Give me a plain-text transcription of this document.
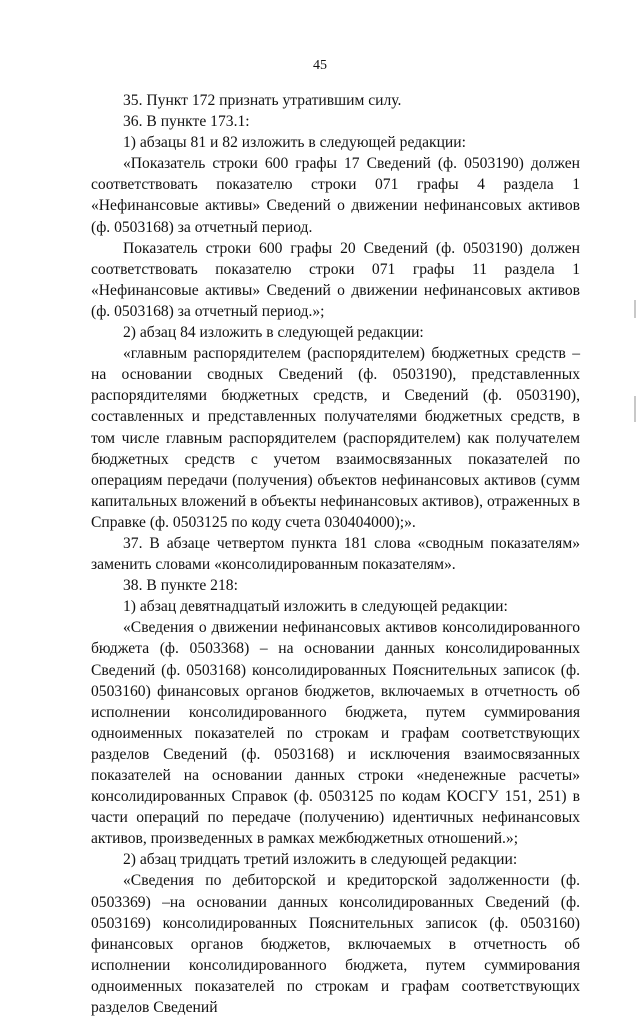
45

35. Пункт 172 признать утратившим силу.

36. В пункте 173.1:

1) абзацы 81 и 82 изложить в следующей редакции:

«Показатель строки 600 графы 17 Сведений (ф. 0503190) должен соответствовать показателю строки 071 графы 4 раздела 1 «Нефинансовые активы» Сведений о движении нефинансовых активов (ф. 0503168) за отчетный период.

Показатель строки 600 графы 20 Сведений (ф. 0503190) должен соответствовать показателю строки 071 графы 11 раздела 1 «Нефинансовые активы» Сведений о движении нефинансовых активов (ф. 0503168) за отчетный период.»;

2) абзац 84 изложить в следующей редакции:

«главным распорядителем (распорядителем) бюджетных средств – на основании сводных Сведений (ф. 0503190), представленных распорядителями бюджетных средств, и Сведений (ф. 0503190), составленных и представленных получателями бюджетных средств, в том числе главным распорядителем (распорядителем) как получателем бюджетных средств с учетом взаимосвязанных показателей по операциям передачи (получения) объектов нефинансовых активов (сумм капитальных вложений в объекты нефинансовых активов), отраженных в Справке (ф. 0503125 по коду счета 030404000);».

37. В абзаце четвертом пункта 181 слова «сводным показателям» заменить словами «консолидированным показателям».

38. В пункте 218:

1) абзац девятнадцатый изложить в следующей редакции:

«Сведения о движении нефинансовых активов консолидированного бюджета (ф. 0503368) – на основании данных консолидированных Сведений (ф. 0503168) консолидированных Пояснительных записок (ф. 0503160) финансовых органов бюджетов, включаемых в отчетность об исполнении консолидированного бюджета, путем суммирования одноименных показателей по строкам и графам соответствующих разделов Сведений (ф. 0503168) и исключения взаимосвязанных показателей на основании данных строки «неденежные расчеты» консолидированных Справок (ф. 0503125 по кодам КОСГУ 151, 251) в части операций по передаче (получению) идентичных нефинансовых активов, произведенных в рамках межбюджетных отношений.»;

2) абзац тридцать третий изложить в следующей редакции:

«Сведения по дебиторской и кредиторской задолженности (ф. 0503369) –на основании данных консолидированных Сведений (ф. 0503169) консолидированных Пояснительных записок (ф. 0503160) финансовых органов бюджетов, включаемых в отчетность об исполнении консолидированного бюджета, путем суммирования одноименных показателей по строкам и графам соответствующих разделов Сведений
